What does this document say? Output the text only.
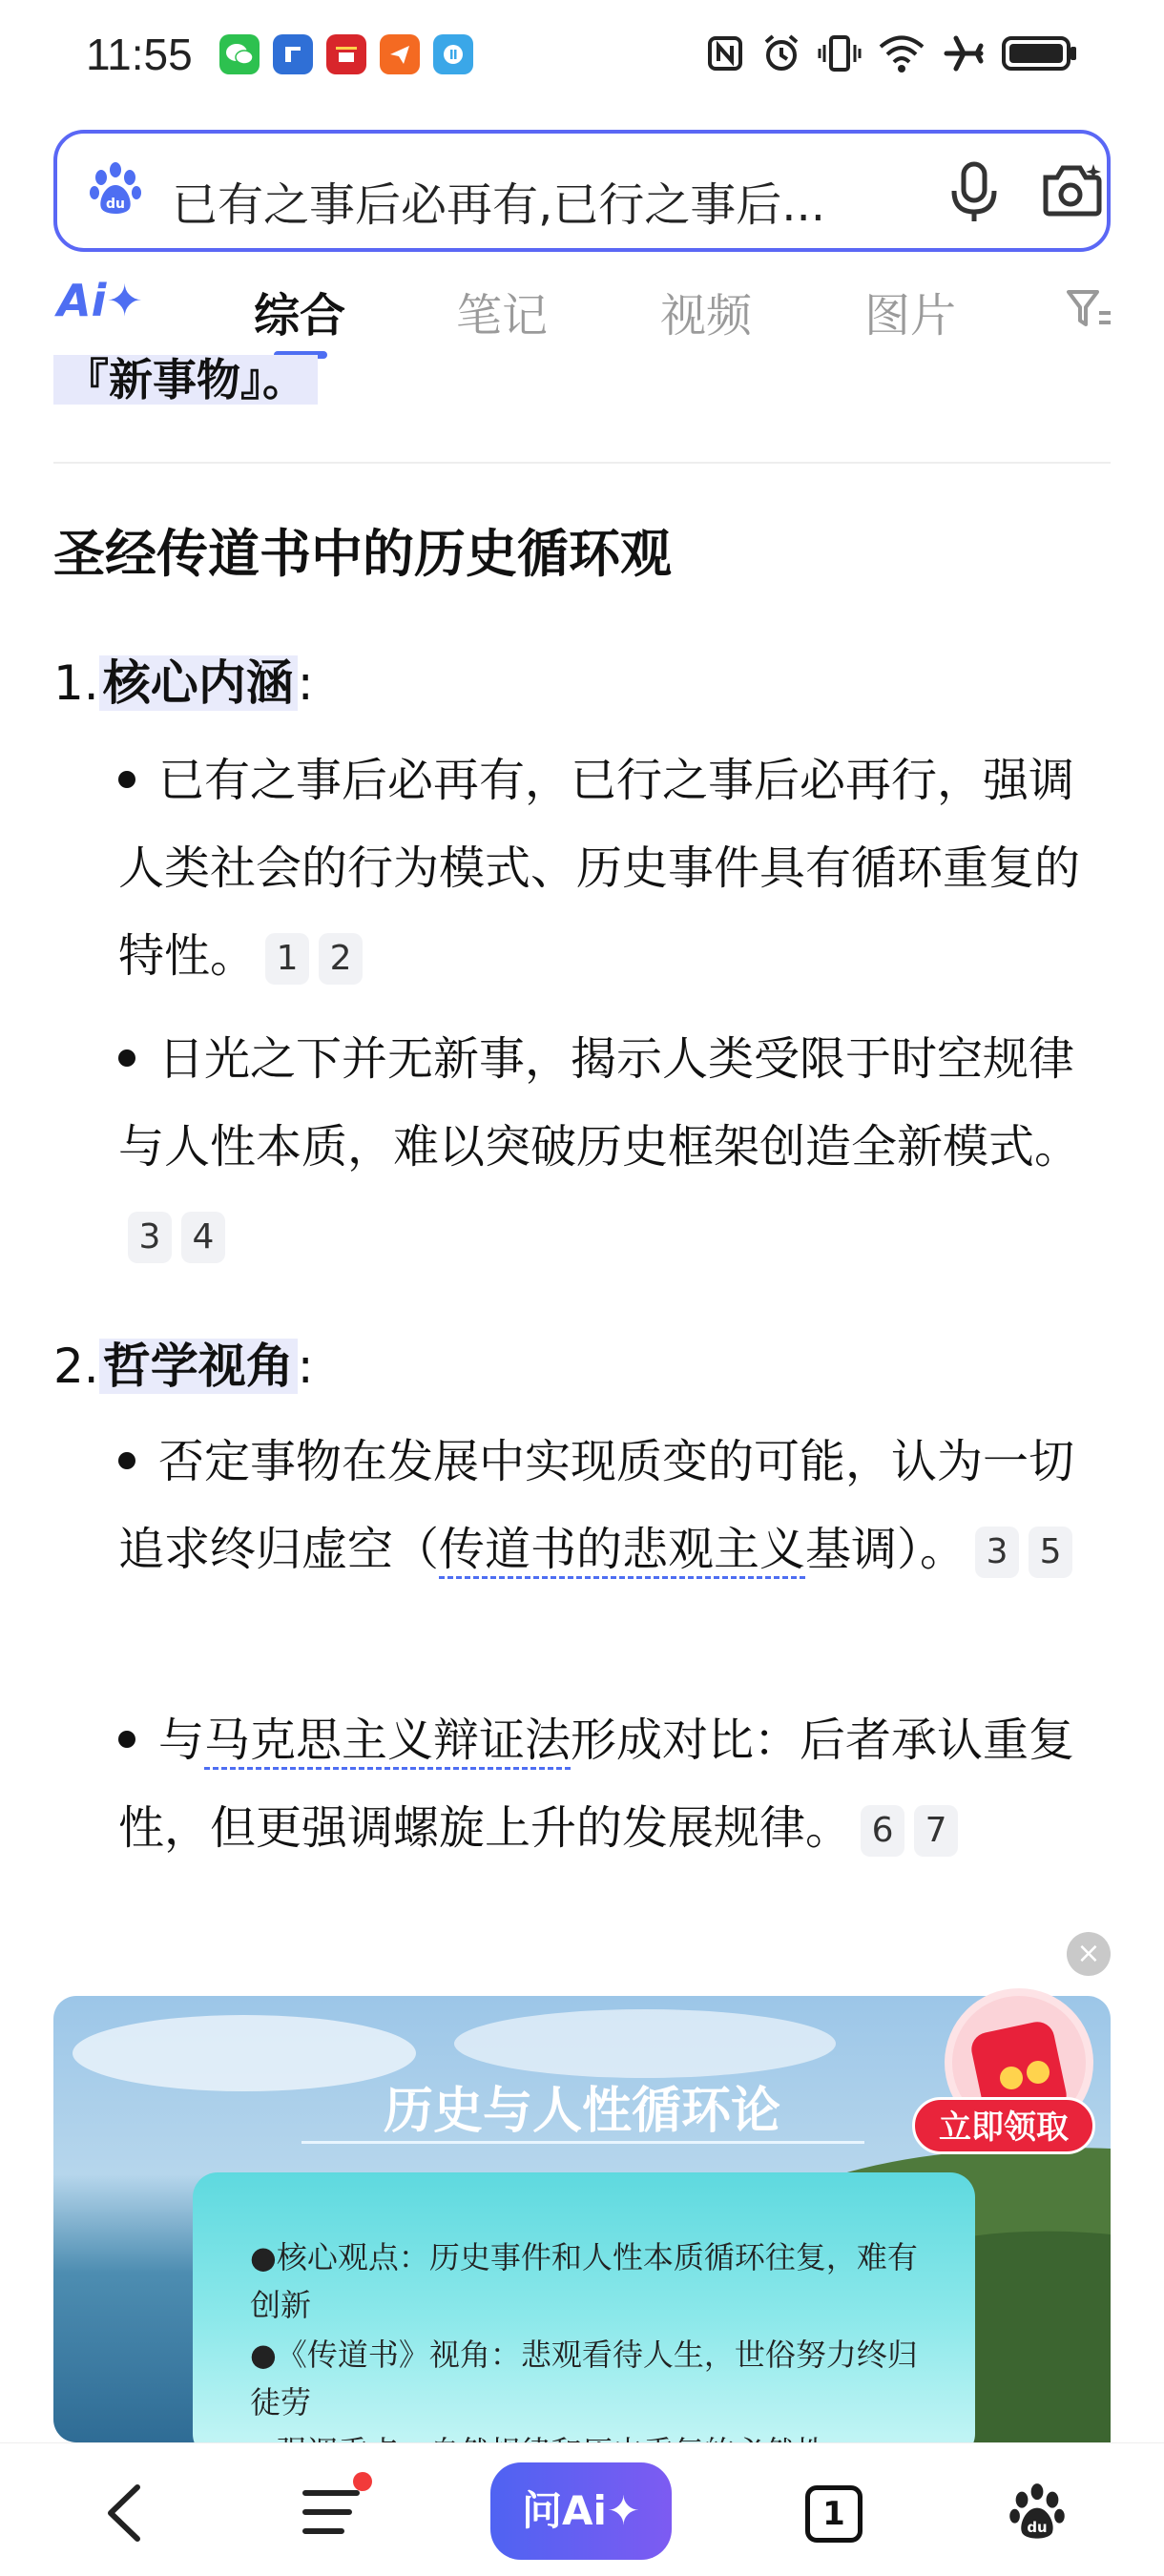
11:55
du 已有之事后必再有,已行之事后...
Ai✦ 综合 笔记 视频 图片
『新事物』。
圣经传道书中的历史循环观
1.核心内涵:
已有之事后必再有，已行之事后必再行，强调人类社会的行为模式、历史事件具有循环重复的特性。 1 2
日光之下并无新事，揭示人类受限于时空规律与人性本质，难以突破历史框架创造全新模式。3 4
2.哲学视角:
否定事物在发展中实现质变的可能，认为一切追求终归虚空（传道书的悲观主义基调）。 3 5
与马克思主义辩证法形成对比：后者承认重复性，但更强调螺旋上升的发展规律。 6 7
×
历史与人性循环论
●核心观点：历史事件和人性本质循环往复，难有创新
●《传道书》视角：悲观看待人生，世俗努力终归徒劳
立即领取
问Ai✦	1	du
